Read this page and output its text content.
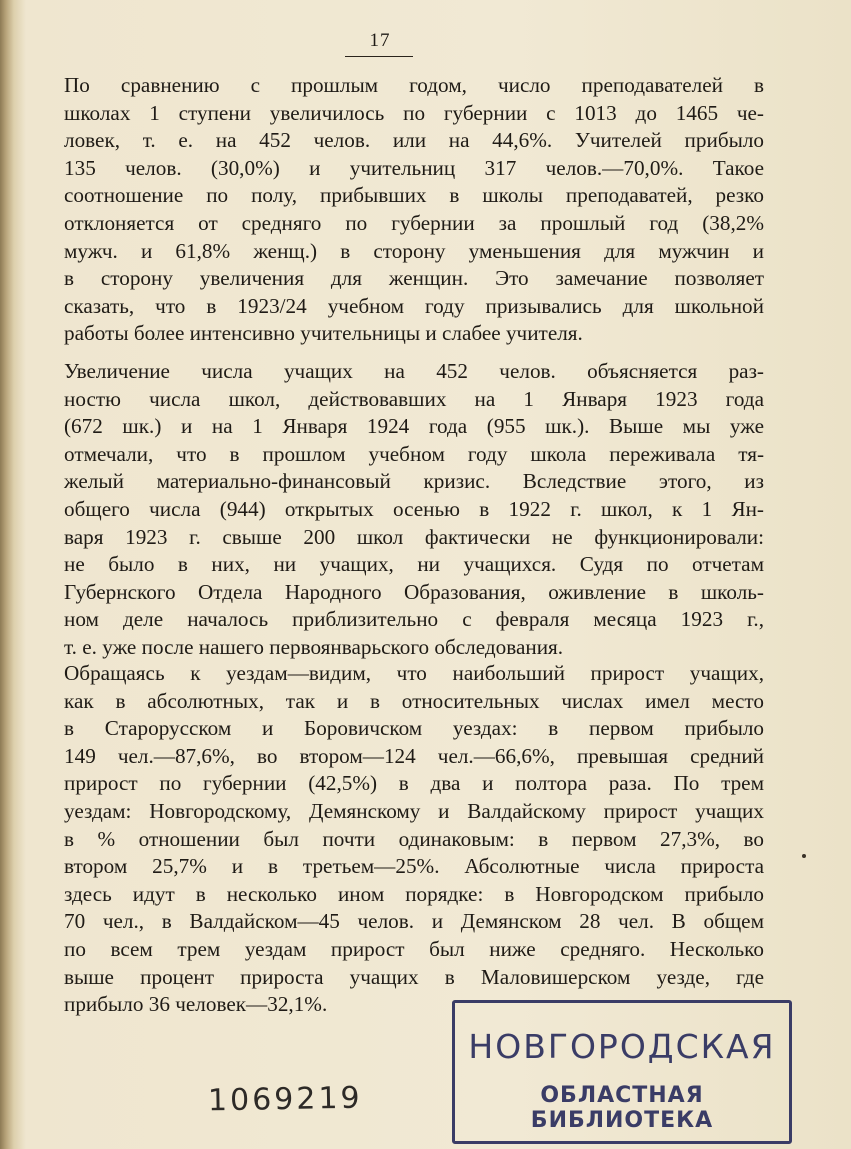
17
По сравнению с прошлым годом, число преподавателей в
школах 1 ступени увеличилось по губернии с 1013 до 1465 че-
ловек, т. е. на 452 челов. или на 44,6%. Учителей прибыло
135 челов. (30,0%) и учительниц 317 челов.—70,0%. Такое
соотношение по полу, прибывших в школы преподаватей, резко
отклоняется от средняго по губернии за прошлый год (38,2%
мужч. и 61,8% женщ.) в сторону уменьшения для мужчин и
в сторону увеличения для женщин. Это замечание позволяет
сказать, что в 1923/24 учебном году призывались для школьной
работы более интенсивно учительницы и слабее учителя.
Увеличение числа учащих на 452 челов. объясняется раз-
ностю числа школ, действовавших на 1 Января 1923 года
(672 шк.) и на 1 Января 1924 года (955 шк.). Выше мы уже
отмечали, что в прошлом учебном году школа переживала тя-
желый материально-финансовый кризис. Вследствие этого, из
общего числа (944) открытых осенью в 1922 г. школ, к 1 Ян-
варя 1923 г. свыше 200 школ фактически не функционировали:
не было в них, ни учащих, ни учащихся. Судя по отчетам
Губернского Отдела Народного Образования, оживление в школь-
ном деле началось приблизительно с февраля месяца 1923 г.,
т. е. уже после нашего первоянварьского обследования.
Обращаясь к уездам—видим, что наибольший прирост учащих,
как в абсолютных, так и в относительных числах имел место
в Старорусском и Боровичском уездах: в первом прибыло
149 чел.—87,6%, во втором—124 чел.—66,6%, превышая средний
прирост по губернии (42,5%) в два и полтора раза. По трем
уездам: Новгородскому, Демянскому и Валдайскому прирост учащих
в % отношении был почти одинаковым: в первом 27,3%, во
втором 25,7% и в третьем—25%. Абсолютные числа прироста
здесь идут в несколько ином порядке: в Новгородском прибыло
70 чел., в Валдайском—45 челов. и Демянском 28 чел. В общем
по всем трем уездам прирост был ниже средняго. Несколько
выше процент прироста учащих в Маловишерском уезде, где
прибыло 36 человек—32,1%.
1069219
НОВГОРОДСКАЯ
ОБЛАСТНАЯ БИБЛИОТЕКА
